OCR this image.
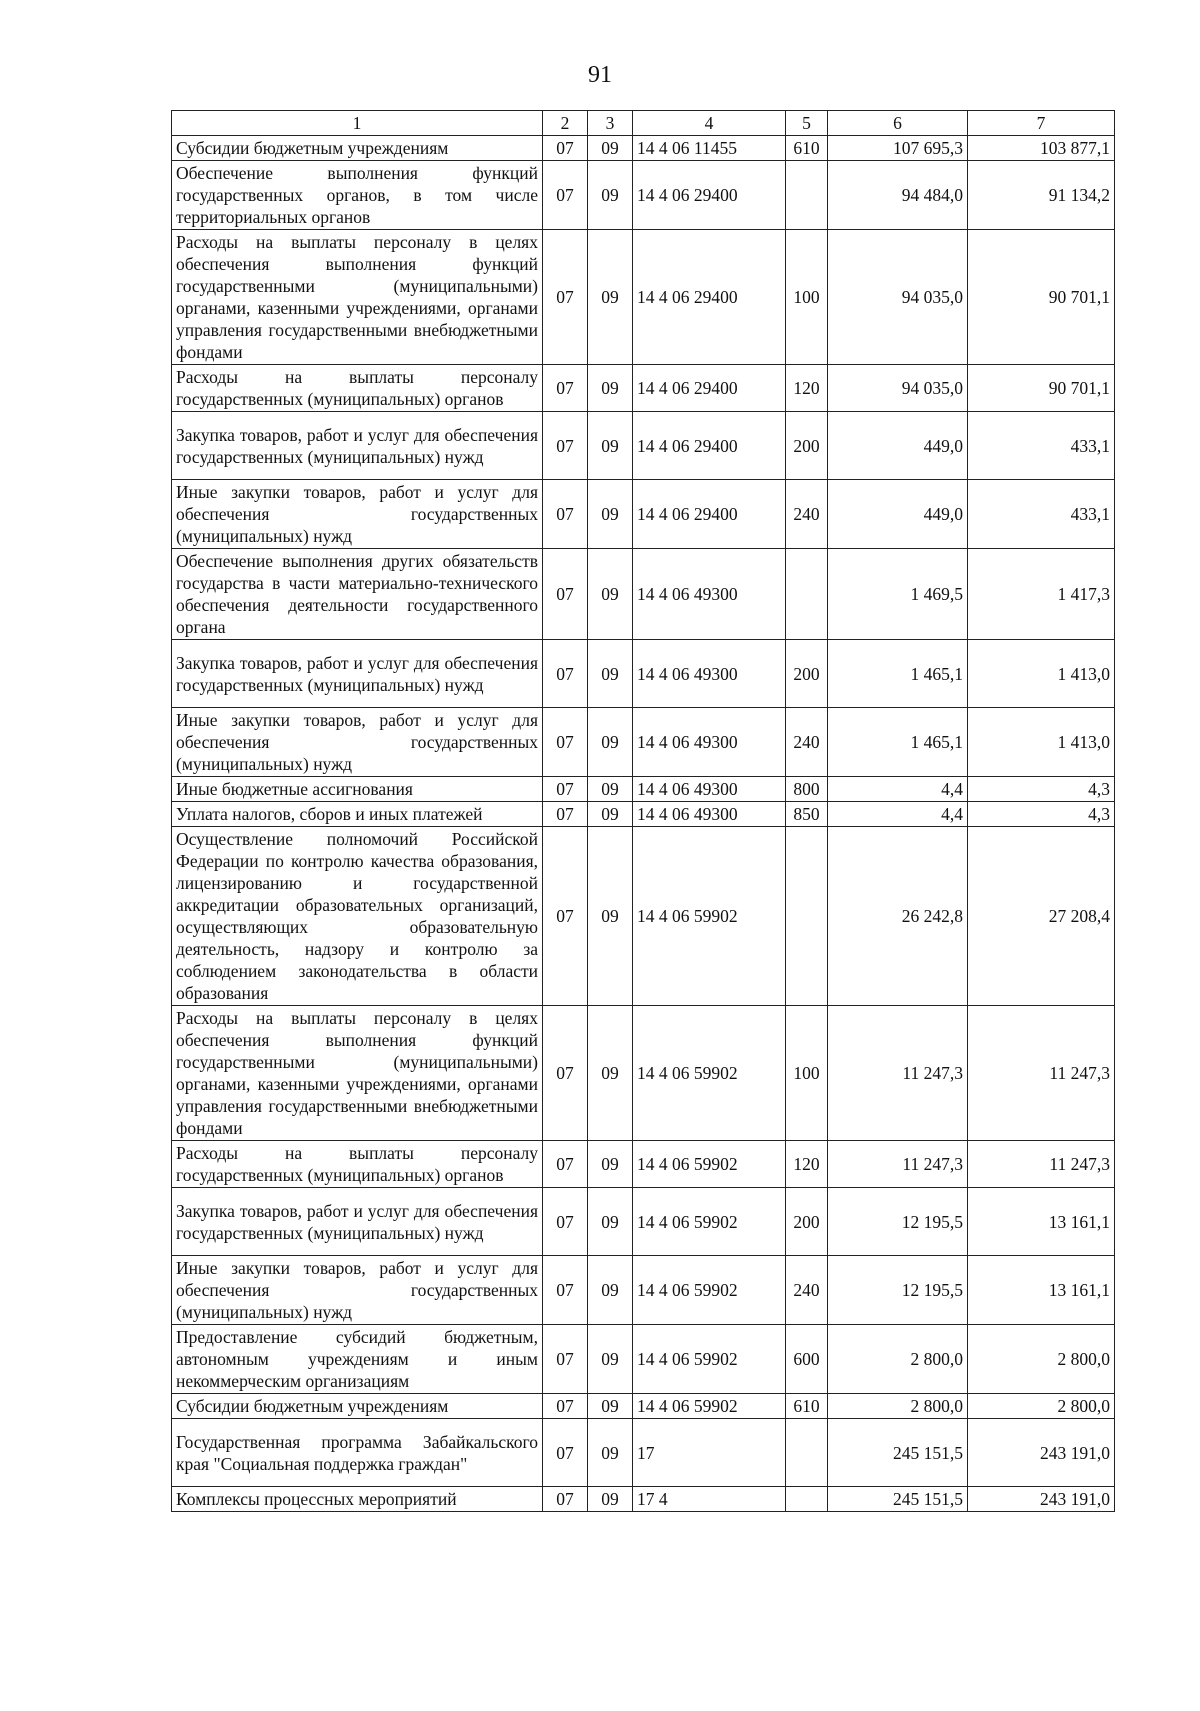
91
1	2	3	4	5	6	7
Субсидии бюджетным учреждениям	07	09	14 4 06 11455	610	107 695,3	103 877,1
Обеспечение выполнения функций государственных органов, в том числе территориальных органов	07	09	14 4 06 29400		94 484,0	91 134,2
Расходы на выплаты персоналу в целях обеспечения выполнения функций государственными (муниципальными) органами, казенными учреждениями, органами управления государственными внебюджетными фондами	07	09	14 4 06 29400	100	94 035,0	90 701,1
Расходы на выплаты персоналу государственных (муниципальных) органов	07	09	14 4 06 29400	120	94 035,0	90 701,1
Закупка товаров, работ и услуг для обеспечения государственных (муниципальных) нужд	07	09	14 4 06 29400	200	449,0	433,1
Иные закупки товаров, работ и услуг для обеспечения государственных (муниципальных) нужд	07	09	14 4 06 29400	240	449,0	433,1
Обеспечение выполнения других обязательств государства в части материально-технического обеспечения деятельности государственного органа	07	09	14 4 06 49300		1 469,5	1 417,3
Закупка товаров, работ и услуг для обеспечения государственных (муниципальных) нужд	07	09	14 4 06 49300	200	1 465,1	1 413,0
Иные закупки товаров, работ и услуг для обеспечения государственных (муниципальных) нужд	07	09	14 4 06 49300	240	1 465,1	1 413,0
Иные бюджетные ассигнования	07	09	14 4 06 49300	800	4,4	4,3
Уплата налогов, сборов и иных платежей	07	09	14 4 06 49300	850	4,4	4,3
Осуществление полномочий Российской Федерации по контролю качества образования, лицензированию и государственной аккредитации образовательных организаций, осуществляющих образовательную деятельность, надзору и контролю за соблюдением законодательства в области образования	07	09	14 4 06 59902		26 242,8	27 208,4
Расходы на выплаты персоналу в целях обеспечения выполнения функций государственными (муниципальными) органами, казенными учреждениями, органами управления государственными внебюджетными фондами	07	09	14 4 06 59902	100	11 247,3	11 247,3
Расходы на выплаты персоналу государственных (муниципальных) органов	07	09	14 4 06 59902	120	11 247,3	11 247,3
Закупка товаров, работ и услуг для обеспечения государственных (муниципальных) нужд	07	09	14 4 06 59902	200	12 195,5	13 161,1
Иные закупки товаров, работ и услуг для обеспечения государственных (муниципальных) нужд	07	09	14 4 06 59902	240	12 195,5	13 161,1
Предоставление субсидий бюджетным, автономным учреждениям и иным некоммерческим организациям	07	09	14 4 06 59902	600	2 800,0	2 800,0
Субсидии бюджетным учреждениям	07	09	14 4 06 59902	610	2 800,0	2 800,0
Государственная программа Забайкальского края "Социальная поддержка граждан"	07	09	17		245 151,5	243 191,0
Комплексы процессных мероприятий	07	09	17 4		245 151,5	243 191,0
